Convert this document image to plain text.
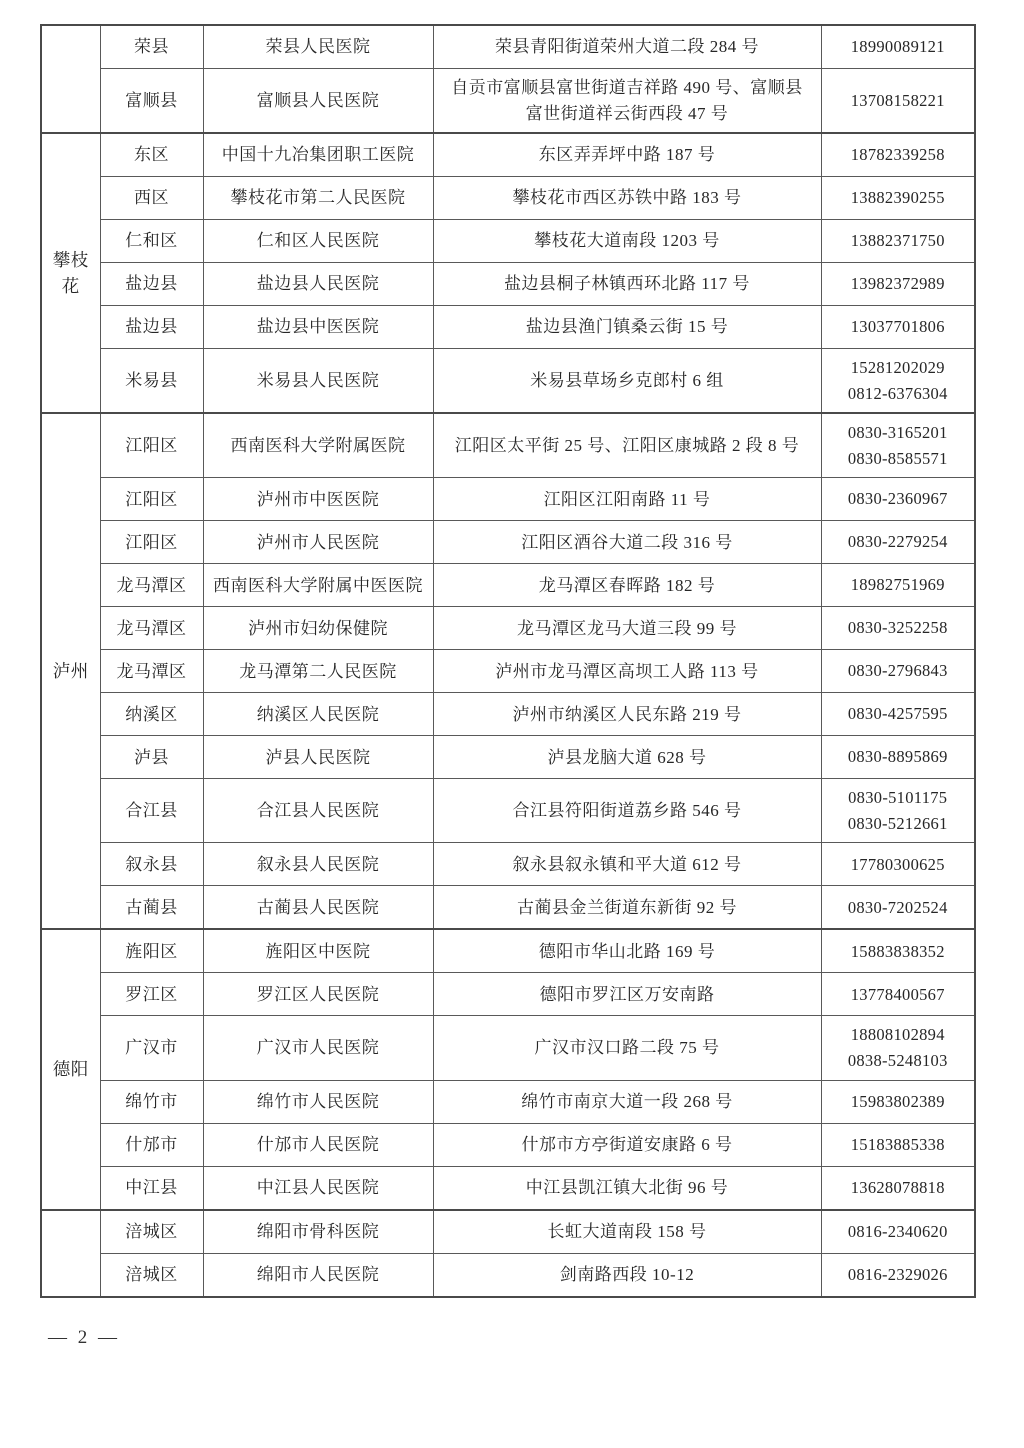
	荣县	荣县人民医院	荣县青阳街道荣州大道二段 284 号	18990089121

	富顺县	富顺县人民医院	自贡市富顺县富世街道吉祥路 490 号、富顺县富世街道祥云街西段 47 号	13708158221

攀枝花	东区	中国十九冶集团职工医院	东区弄弄坪中路 187 号	18782339258

	西区	攀枝花市第二人民医院	攀枝花市西区苏铁中路 183 号	13882390255

	仁和区	仁和区人民医院	攀枝花大道南段 1203 号	13882371750

	盐边县	盐边县人民医院	盐边县桐子林镇西环北路 117 号	13982372989

	盐边县	盐边县中医医院	盐边县渔门镇桑云街 15 号	13037701806

	米易县	米易县人民医院	米易县草场乡克郎村 6 组	15281202029
0812-6376304

泸州	江阳区	西南医科大学附属医院	江阳区太平街 25 号、江阳区康城路 2 段 8 号	0830-3165201
0830-8585571

	江阳区	泸州市中医医院	江阳区江阳南路 11 号	0830-2360967

	江阳区	泸州市人民医院	江阳区酒谷大道二段 316 号	0830-2279254

	龙马潭区	西南医科大学附属中医医院	龙马潭区春晖路 182 号	18982751969

	龙马潭区	泸州市妇幼保健院	龙马潭区龙马大道三段 99 号	0830-3252258

	龙马潭区	龙马潭第二人民医院	泸州市龙马潭区高坝工人路 113 号	0830-2796843

	纳溪区	纳溪区人民医院	泸州市纳溪区人民东路 219 号	0830-4257595

	泸县	泸县人民医院	泸县龙脑大道 628 号	0830-8895869

	合江县	合江县人民医院	合江县符阳街道荔乡路 546 号	0830-5101175
0830-5212661

	叙永县	叙永县人民医院	叙永县叙永镇和平大道 612 号	17780300625

	古蔺县	古蔺县人民医院	古蔺县金兰街道东新街 92 号	0830-7202524

德阳	旌阳区	旌阳区中医院	德阳市华山北路 169 号	15883838352

	罗江区	罗江区人民医院	德阳市罗江区万安南路	13778400567

	广汉市	广汉市人民医院	广汉市汉口路二段 75 号	18808102894
0838-5248103

	绵竹市	绵竹市人民医院	绵竹市南京大道一段 268 号	15983802389

	什邡市	什邡市人民医院	什邡市方亭街道安康路 6 号	15183885338

	中江县	中江县人民医院	中江县凯江镇大北街 96 号	13628078818

	涪城区	绵阳市骨科医院	长虹大道南段 158 号	0816-2340620

	涪城区	绵阳市人民医院	剑南路西段 10-12	0816-2329026
— 2 —
